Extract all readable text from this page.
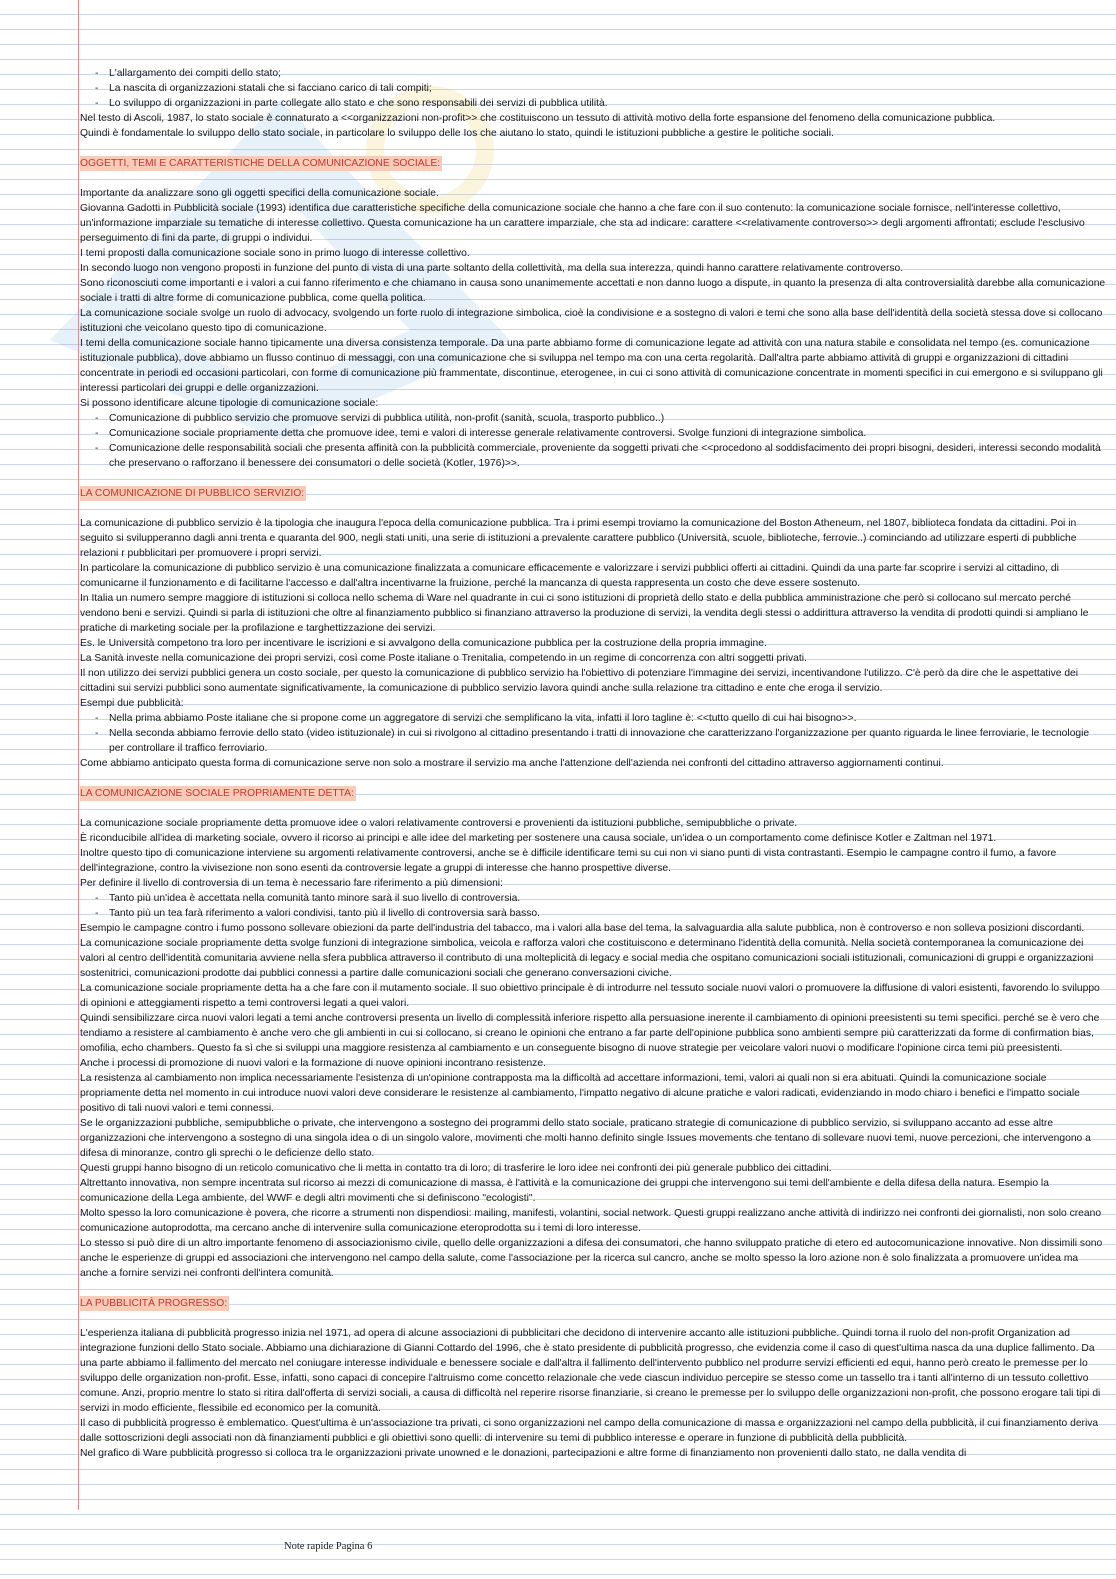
- L'allargamento dei compiti dello stato;
- La nascita di organizzazioni statali che si facciano carico di tali compiti;
- Lo sviluppo di organizzazioni in parte collegate allo stato e che sono responsabili dei servizi di pubblica utilità.

Nel testo di Ascoli, 1987, lo stato sociale è connaturato a <<organizzazioni non-profit>> che costituiscono un tessuto di attività motivo della forte espansione del fenomeno della comunicazione pubblica.

Quindi è fondamentale lo sviluppo dello stato sociale, in particolare lo sviluppo delle Ios che aiutano lo stato, quindi le istituzioni pubbliche a gestire le politiche sociali.

OGGETTI, TEMI E CARATTERISTICHE DELLA COMUNICAZIONE SOCIALE:

Importante da analizzare sono gli oggetti specifici della comunicazione sociale.

Giovanna Gadotti in Pubblicità sociale (1993) identifica due caratteristiche specifiche della comunicazione sociale che hanno a che fare con il suo contenuto: la comunicazione sociale fornisce, nell'interesse collettivo, un'informazione imparziale su tematiche di interesse collettivo. Questa comunicazione ha un carattere imparziale, che sta ad indicare: carattere <<relativamente controverso>> degli argomenti affrontati; esclude l'esclusivo perseguimento di fini da parte, di gruppi o individui.

I temi proposti dalla comunicazione sociale sono in primo luogo di interesse collettivo.

In secondo luogo non vengono proposti in funzione del punto di vista di una parte soltanto della collettività, ma della sua interezza, quindi hanno carattere relativamente controverso.

Sono riconosciuti come importanti e i valori a cui fanno riferimento e che chiamano in causa sono unanimemente accettati e non danno luogo a dispute, in quanto la presenza di alta controversialità darebbe alla comunicazione sociale i tratti di altre forme di comunicazione pubblica, come quella politica.

La comunicazione sociale svolge un ruolo di advocacy, svolgendo un forte ruolo di integrazione simbolica, cioè la condivisione e a sostegno di valori e temi che sono alla base dell'identità della società stessa dove si collocano istituzioni che veicolano questo tipo di comunicazione.

I temi della comunicazione sociale hanno tipicamente una diversa consistenza temporale. Da una parte abbiamo forme di comunicazione legate ad attività con una natura stabile e consolidata nel tempo (es. comunicazione istituzionale pubblica), dove abbiamo un flusso continuo di messaggi, con una comunicazione che si sviluppa nel tempo ma con una certa regolarità. Dall'altra parte abbiamo attività di gruppi e organizzazioni di cittadini concentrate in periodi ed occasioni particolari, con forme di comunicazione più frammentate, discontinue, eterogenee, in cui ci sono attività di comunicazione concentrate in momenti specifici in cui emergono e si sviluppano gli interessi particolari dei gruppi e delle organizzazioni.

Si possono identificare alcune tipologie di comunicazione sociale:

- Comunicazione di pubblico servizio che promuove servizi di pubblica utilità, non-profit (sanità, scuola, trasporto pubblico..)
- Comunicazione sociale propriamente detta che promuove idee, temi e valori di interesse generale relativamente controversi. Svolge funzioni di integrazione simbolica.
- Comunicazione delle responsabilità sociali che presenta affinità con la pubblicità commerciale, proveniente da soggetti privati che <<procedono al soddisfacimento dei propri bisogni, desideri, interessi secondo modalità che preservano o rafforzano il benessere dei consumatori o delle società (Kotler, 1976)>>.

LA COMUNICAZIONE DI PUBBLICO SERVIZIO:

La comunicazione di pubblico servizio è la tipologia che inaugura l'epoca della comunicazione pubblica. Tra i primi esempi troviamo la comunicazione del Boston Atheneum, nel 1807, biblioteca fondata da cittadini. Poi in seguito si svilupperanno dagli anni trenta e quaranta del 900, negli stati uniti, una serie di istituzioni a prevalente carattere pubblico (Università, scuole, biblioteche, ferrovie..) cominciando ad utilizzare esperti di pubbliche relazioni r pubblicitari per promuovere i propri servizi.

In particolare la comunicazione di pubblico servizio è una comunicazione finalizzata a comunicare efficacemente e valorizzare i servizi pubblici offerti ai cittadini. Quindi da una parte far scoprire i servizi al cittadino, di comunicarne il funzionamento e di facilitarne l'accesso e dall'altra incentivarne la fruizione, perché la mancanza di questa rappresenta un costo che deve essere sostenuto.

In Italia un numero sempre maggiore di istituzioni si colloca nello schema di Ware nel quadrante in cui ci sono istituzioni di proprietà dello stato e della pubblica amministrazione che però si collocano sul mercato perché vendono beni e servizi. Quindi si parla di istituzioni che oltre al finanziamento pubblico si finanziano attraverso la produzione di servizi, la vendita degli stessi o addirittura attraverso la vendita di prodotti quindi si ampliano le pratiche di marketing sociale per la profilazione e targhettizzazione dei servizi.

Es. le Università competono tra loro per incentivare le iscrizioni e si avvalgono della comunicazione pubblica per la costruzione della propria immagine.

La Sanità investe nella comunicazione dei propri servizi, così come Poste italiane o Trenitalia, competendo in un regime di concorrenza con altri soggetti privati.

Il non utilizzo dei servizi pubblici genera un costo sociale, per questo la comunicazione di pubblico servizio ha l'obiettivo di potenziare l'immagine dei servizi, incentivandone l'utilizzo. C'è però da dire che le aspettative dei cittadini sui servizi pubblici sono aumentate significativamente, la comunicazione di pubblico servizio lavora quindi anche sulla relazione tra cittadino e ente che eroga il servizio.

Esempi due pubblicità:

- Nella prima abbiamo Poste italiane che si propone come un aggregatore di servizi che semplificano la vita, infatti il loro tagline è: <<tutto quello di cui hai bisogno>>.
- Nella seconda abbiamo ferrovie dello stato (video istituzionale) in cui si rivolgono al cittadino presentando i tratti di innovazione che caratterizzano l'organizzazione per quanto riguarda le linee ferroviarie, le tecnologie per controllare il traffico ferroviario.

Come abbiamo anticipato questa forma di comunicazione serve non solo a mostrare il servizio ma anche l'attenzione dell'azienda nei confronti del cittadino attraverso aggiornamenti continui.

LA COMUNICAZIONE SOCIALE PROPRIAMENTE DETTA:

La comunicazione sociale propriamente detta promuove idee o valori relativamente controversi e provenienti da istituzioni pubbliche, semipubbliche o private.

È riconducibile all'idea di marketing sociale, ovvero il ricorso ai principi e alle idee del marketing per sostenere una causa sociale, un'idea o un comportamento come definisce Kotler e Zaltman nel 1971.

Inoltre questo tipo di comunicazione interviene su argomenti relativamente controversi, anche se è difficile identificare temi su cui non vi siano punti di vista contrastanti. Esempio le campagne contro il fumo, a favore dell'integrazione, contro la vivisezione non sono esenti da controversie legate a gruppi di interesse che hanno prospettive diverse.

Per definire il livello di controversia di un tema è necessario fare riferimento a più dimensioni:

- Tanto più un'idea è accettata nella comunità tanto minore sarà il suo livello di controversia.
- Tanto più un tea farà riferimento a valori condivisi, tanto più il livello di controversia sarà basso.

Esempio le campagne contro i fumo possono sollevare obiezioni da parte dell'industria del tabacco, ma i valori alla base del tema, la salvaguardia alla salute pubblica, non è controverso e non solleva posizioni discordanti.

La comunicazione sociale propriamente detta svolge funzioni di integrazione simbolica, veicola e rafforza valori che costituiscono e determinano l'identità della comunità. Nella società contemporanea la comunicazione dei valori al centro dell'identità comunitaria avviene nella sfera pubblica attraverso il contributo di una molteplicità di legacy e social media che ospitano comunicazioni sociali istituzionali, comunicazioni di gruppi e organizzazioni sostenitrici, comunicazioni prodotte dai pubblici connessi a partire dalle comunicazioni sociali che generano conversazioni civiche.

La comunicazione sociale propriamente detta ha a che fare con il mutamento sociale. Il suo obiettivo principale è di introdurre nel tessuto sociale nuovi valori o promuovere la diffusione di valori esistenti, favorendo lo sviluppo di opinioni e atteggiamenti rispetto a temi controversi legati a quei valori.

Quindi sensibilizzare circa nuovi valori legati a temi anche controversi presenta un livello di complessità inferiore rispetto alla persuasione inerente il cambiamento di opinioni preesistenti su temi specifici. perché se è vero che tendiamo a resistere al cambiamento è anche vero che gli ambienti in cui si collocano, si creano le opinioni che entrano a far parte dell'opinione pubblica sono ambienti sempre più caratterizzati da forme di confirmation bias, omofilia, echo chambers. Questo fa sì che si sviluppi una maggiore resistenza al cambiamento e un conseguente bisogno di nuove strategie per veicolare valori nuovi o modificare l'opinione circa temi più preesistenti.

Anche i processi di promozione di nuovi valori e la formazione di nuove opinioni incontrano resistenze.

La resistenza al cambiamento non implica necessariamente l'esistenza di un'opinione contrapposta ma la difficoltà ad accettare informazioni, temi, valori ai quali non si era abituati. Quindi la comunicazione sociale propriamente detta nel momento in cui introduce nuovi valori deve considerare le resistenze al cambiamento, l'impatto negativo di alcune pratiche e valori radicati, evidenziando in modo chiaro i benefici e l'impatto sociale positivo di tali nuovi valori e temi connessi.

Se le organizzazioni pubbliche, semipubbliche o private, che intervengono a sostegno dei programmi dello stato sociale, praticano strategie di comunicazione di pubblico servizio, si sviluppano accanto ad esse altre organizzazioni che intervengono a sostegno di una singola idea o di un singolo valore, movimenti che molti hanno definito single Issues movements che tentano di sollevare nuovi temi, nuove percezioni, che intervengono a difesa di minoranze, contro gli sprechi o le deficienze dello stato.

Questi gruppi hanno bisogno di un reticolo comunicativo che li metta in contatto tra di loro; di trasferire le loro idee nei confronti dei più generale pubblico dei cittadini.

Altrettanto innovativa, non sempre incentrata sul ricorso ai mezzi di comunicazione di massa, è l'attività e la comunicazione dei gruppi che intervengono sui temi dell'ambiente e della difesa della natura. Esempio la comunicazione della Lega ambiente, del WWF e degli altri movimenti che si definiscono "ecologisti".

Molto spesso la loro comunicazione è povera, che ricorre a strumenti non dispendiosi: mailing, manifesti, volantini, social network. Questi gruppi realizzano anche attività di indirizzo nei confronti dei giornalisti, non solo creano comunicazione autoprodotta, ma cercano anche di intervenire sulla comunicazione eteroprodotta su i temi di loro interesse.

Lo stesso si può dire di un altro importante fenomeno di associazionismo civile, quello delle organizzazioni a difesa dei consumatori, che hanno sviluppato pratiche di etero ed autocomunicazione innovative. Non dissimili sono anche le esperienze di gruppi ed associazioni che intervengono nel campo della salute, come l'associazione per la ricerca sul cancro, anche se molto spesso la loro azione non è solo finalizzata a promuovere un'idea ma anche a fornire servizi nei confronti dell'intera comunità.

LA PUBBLICITÀ PROGRESSO:

L'esperienza italiana di pubblicità progresso inizia nel 1971, ad opera di alcune associazioni di pubblicitari che decidono di intervenire accanto alle istituzioni pubbliche. Quindi torna il ruolo del non-profit Organization ad integrazione funzioni dello Stato sociale. Abbiamo una dichiarazione di Gianni Cottardo del 1996, che è stato presidente di pubblicità progresso, che evidenzia come il caso di quest'ultima nasca da una duplice fallimento. Da una parte abbiamo il fallimento del mercato nel coniugare interesse individuale e benessere sociale e dall'altra il fallimento dell'intervento pubblico nel produrre servizi efficienti ed equi, hanno però creato le premesse per lo sviluppo delle organization non-profit. Esse, infatti, sono capaci di concepire l'altruismo come concetto relazionale che vede ciascun individuo percepire se stesso come un tassello tra i tanti all'interno di un tessuto collettivo comune. Anzi, proprio mentre lo stato si ritira dall'offerta di servizi sociali, a causa di difficoltà nel reperire risorse finanziarie, si creano le premesse per lo sviluppo delle organizzazioni non-profit, che possono erogare tali tipi di servizi in modo efficiente, flessibile ed economico per la comunità.

Il caso di pubblicità progresso è emblematico. Quest'ultima è un'associazione tra privati, ci sono organizzazioni nel campo della comunicazione di massa e organizzazioni nel campo della pubblicità, il cui finanziamento deriva dalle sottoscrizioni degli associati non dà finanziamenti pubblici e gli obiettivi sono quelli: di intervenire su temi di pubblico interesse e operare in funzione di pubblicità della pubblicità.

Nel grafico di Ware pubblicità progresso si colloca tra le organizzazioni private unowned e le donazioni, partecipazioni e altre forme di finanziamento non provenienti dallo stato, ne dalla vendita di

Note rapide Pagina 6
